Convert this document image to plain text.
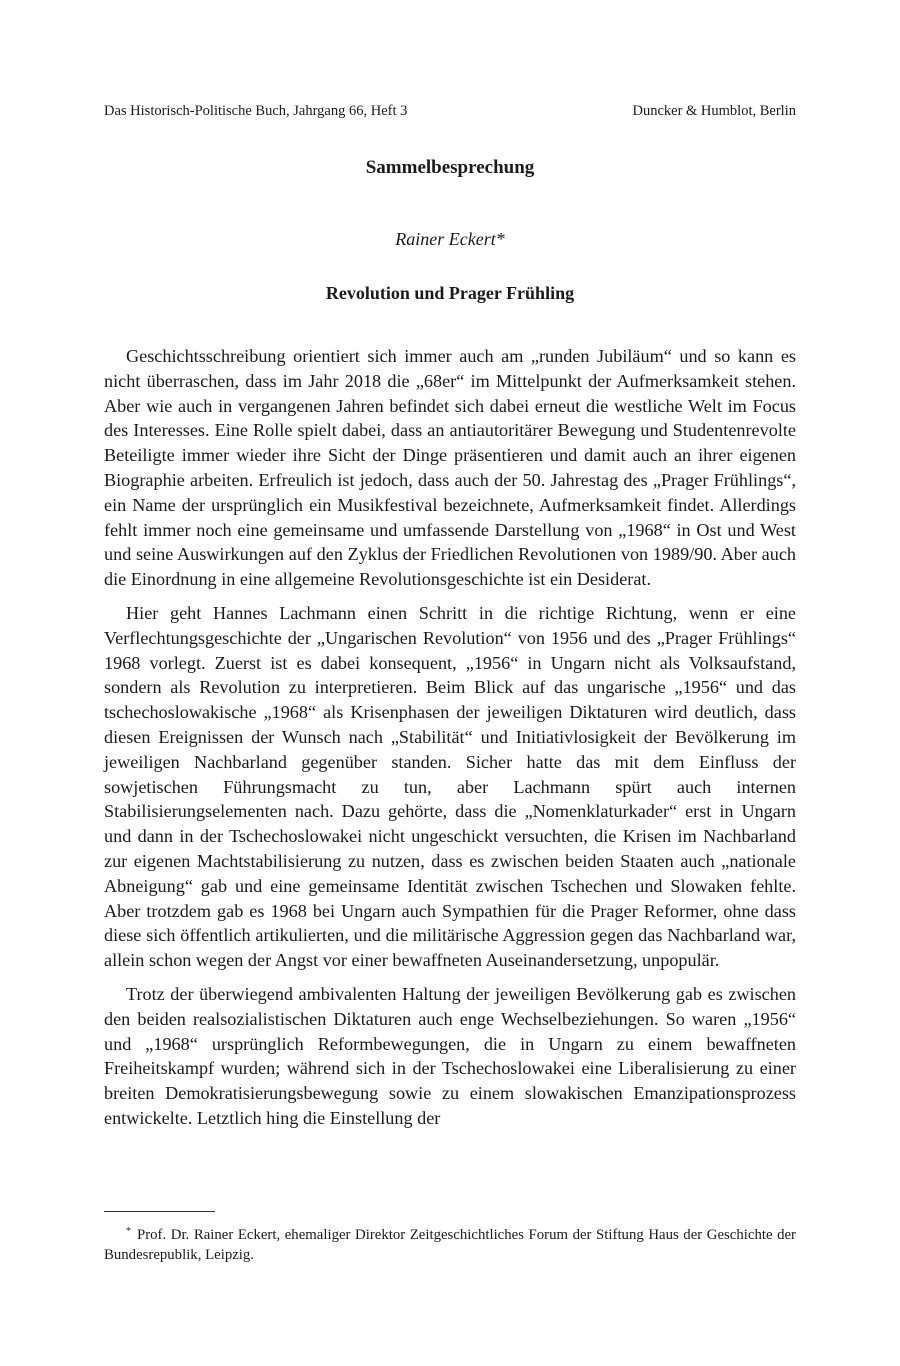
Das Historisch-Politische Buch, Jahrgang 66, Heft 3	Duncker & Humblot, Berlin
Sammelbesprechung
Rainer Eckert*
Revolution und Prager Frühling

Geschichtsschreibung orientiert sich immer auch am „runden Jubiläum“ und so kann es nicht überraschen, dass im Jahr 2018 die „68er“ im Mittelpunkt der Aufmerksamkeit stehen. Aber wie auch in vergangenen Jahren befindet sich dabei erneut die westliche Welt im Focus des Interesses. Eine Rolle spielt dabei, dass an antiautoritärer Bewegung und Studentenrevolte Beteiligte immer wieder ihre Sicht der Dinge präsentieren und damit auch an ihrer eigenen Biographie arbeiten. Erfreulich ist jedoch, dass auch der 50. Jahrestag des „Prager Frühlings“, ein Name der ursprünglich ein Musikfestival bezeichnete, Aufmerksamkeit findet. Allerdings fehlt immer noch eine gemeinsame und umfassende Darstellung von „1968“ in Ost und West und seine Auswirkungen auf den Zyklus der Friedlichen Revolutionen von 1989/90. Aber auch die Einordnung in eine allgemeine Revolutionsgeschichte ist ein Desiderat.

Hier geht Hannes Lachmann einen Schritt in die richtige Richtung, wenn er eine Verflechtungsgeschichte der „Ungarischen Revolution“ von 1956 und des „Prager Frühlings“ 1968 vorlegt. Zuerst ist es dabei konsequent, „1956“ in Ungarn nicht als Volksaufstand, sondern als Revolution zu interpretieren. Beim Blick auf das ungarische „1956“ und das tschechoslowakische „1968“ als Krisenphasen der jeweiligen Diktaturen wird deutlich, dass diesen Ereignissen der Wunsch nach „Stabilität“ und Initiativlosigkeit der Bevölkerung im jeweiligen Nachbarland gegenüber standen. Sicher hatte das mit dem Einfluss der sowjetischen Führungsmacht zu tun, aber Lachmann spürt auch internen Stabilisierungselementen nach. Dazu gehörte, dass die „Nomenklaturkader“ erst in Ungarn und dann in der Tschechoslowakei nicht ungeschickt versuchten, die Krisen im Nachbarland zur eigenen Machtstabilisierung zu nutzen, dass es zwischen beiden Staaten auch „nationale Abneigung“ gab und eine gemeinsame Identität zwischen Tschechen und Slowaken fehlte. Aber trotzdem gab es 1968 bei Ungarn auch Sympathien für die Prager Reformer, ohne dass diese sich öffentlich artikulierten, und die militärische Aggression gegen das Nachbarland war, allein schon wegen der Angst vor einer bewaffneten Auseinandersetzung, unpopulär.

Trotz der überwiegend ambivalenten Haltung der jeweiligen Bevölkerung gab es zwischen den beiden realsozialistischen Diktaturen auch enge Wechselbeziehungen. So waren „1956“ und „1968“ ursprünglich Reformbewegungen, die in Ungarn zu einem bewaffneten Freiheitskampf wurden; während sich in der Tschechoslowakei eine Liberalisierung zu einer breiten Demokratisierungsbewegung sowie zu einem slowakischen Emanzipationsprozess entwickelte. Letztlich hing die Einstellung der

* Prof. Dr. Rainer Eckert, ehemaliger Direktor Zeitgeschichtliches Forum der Stiftung Haus der Geschichte der Bundesrepublik, Leipzig.
